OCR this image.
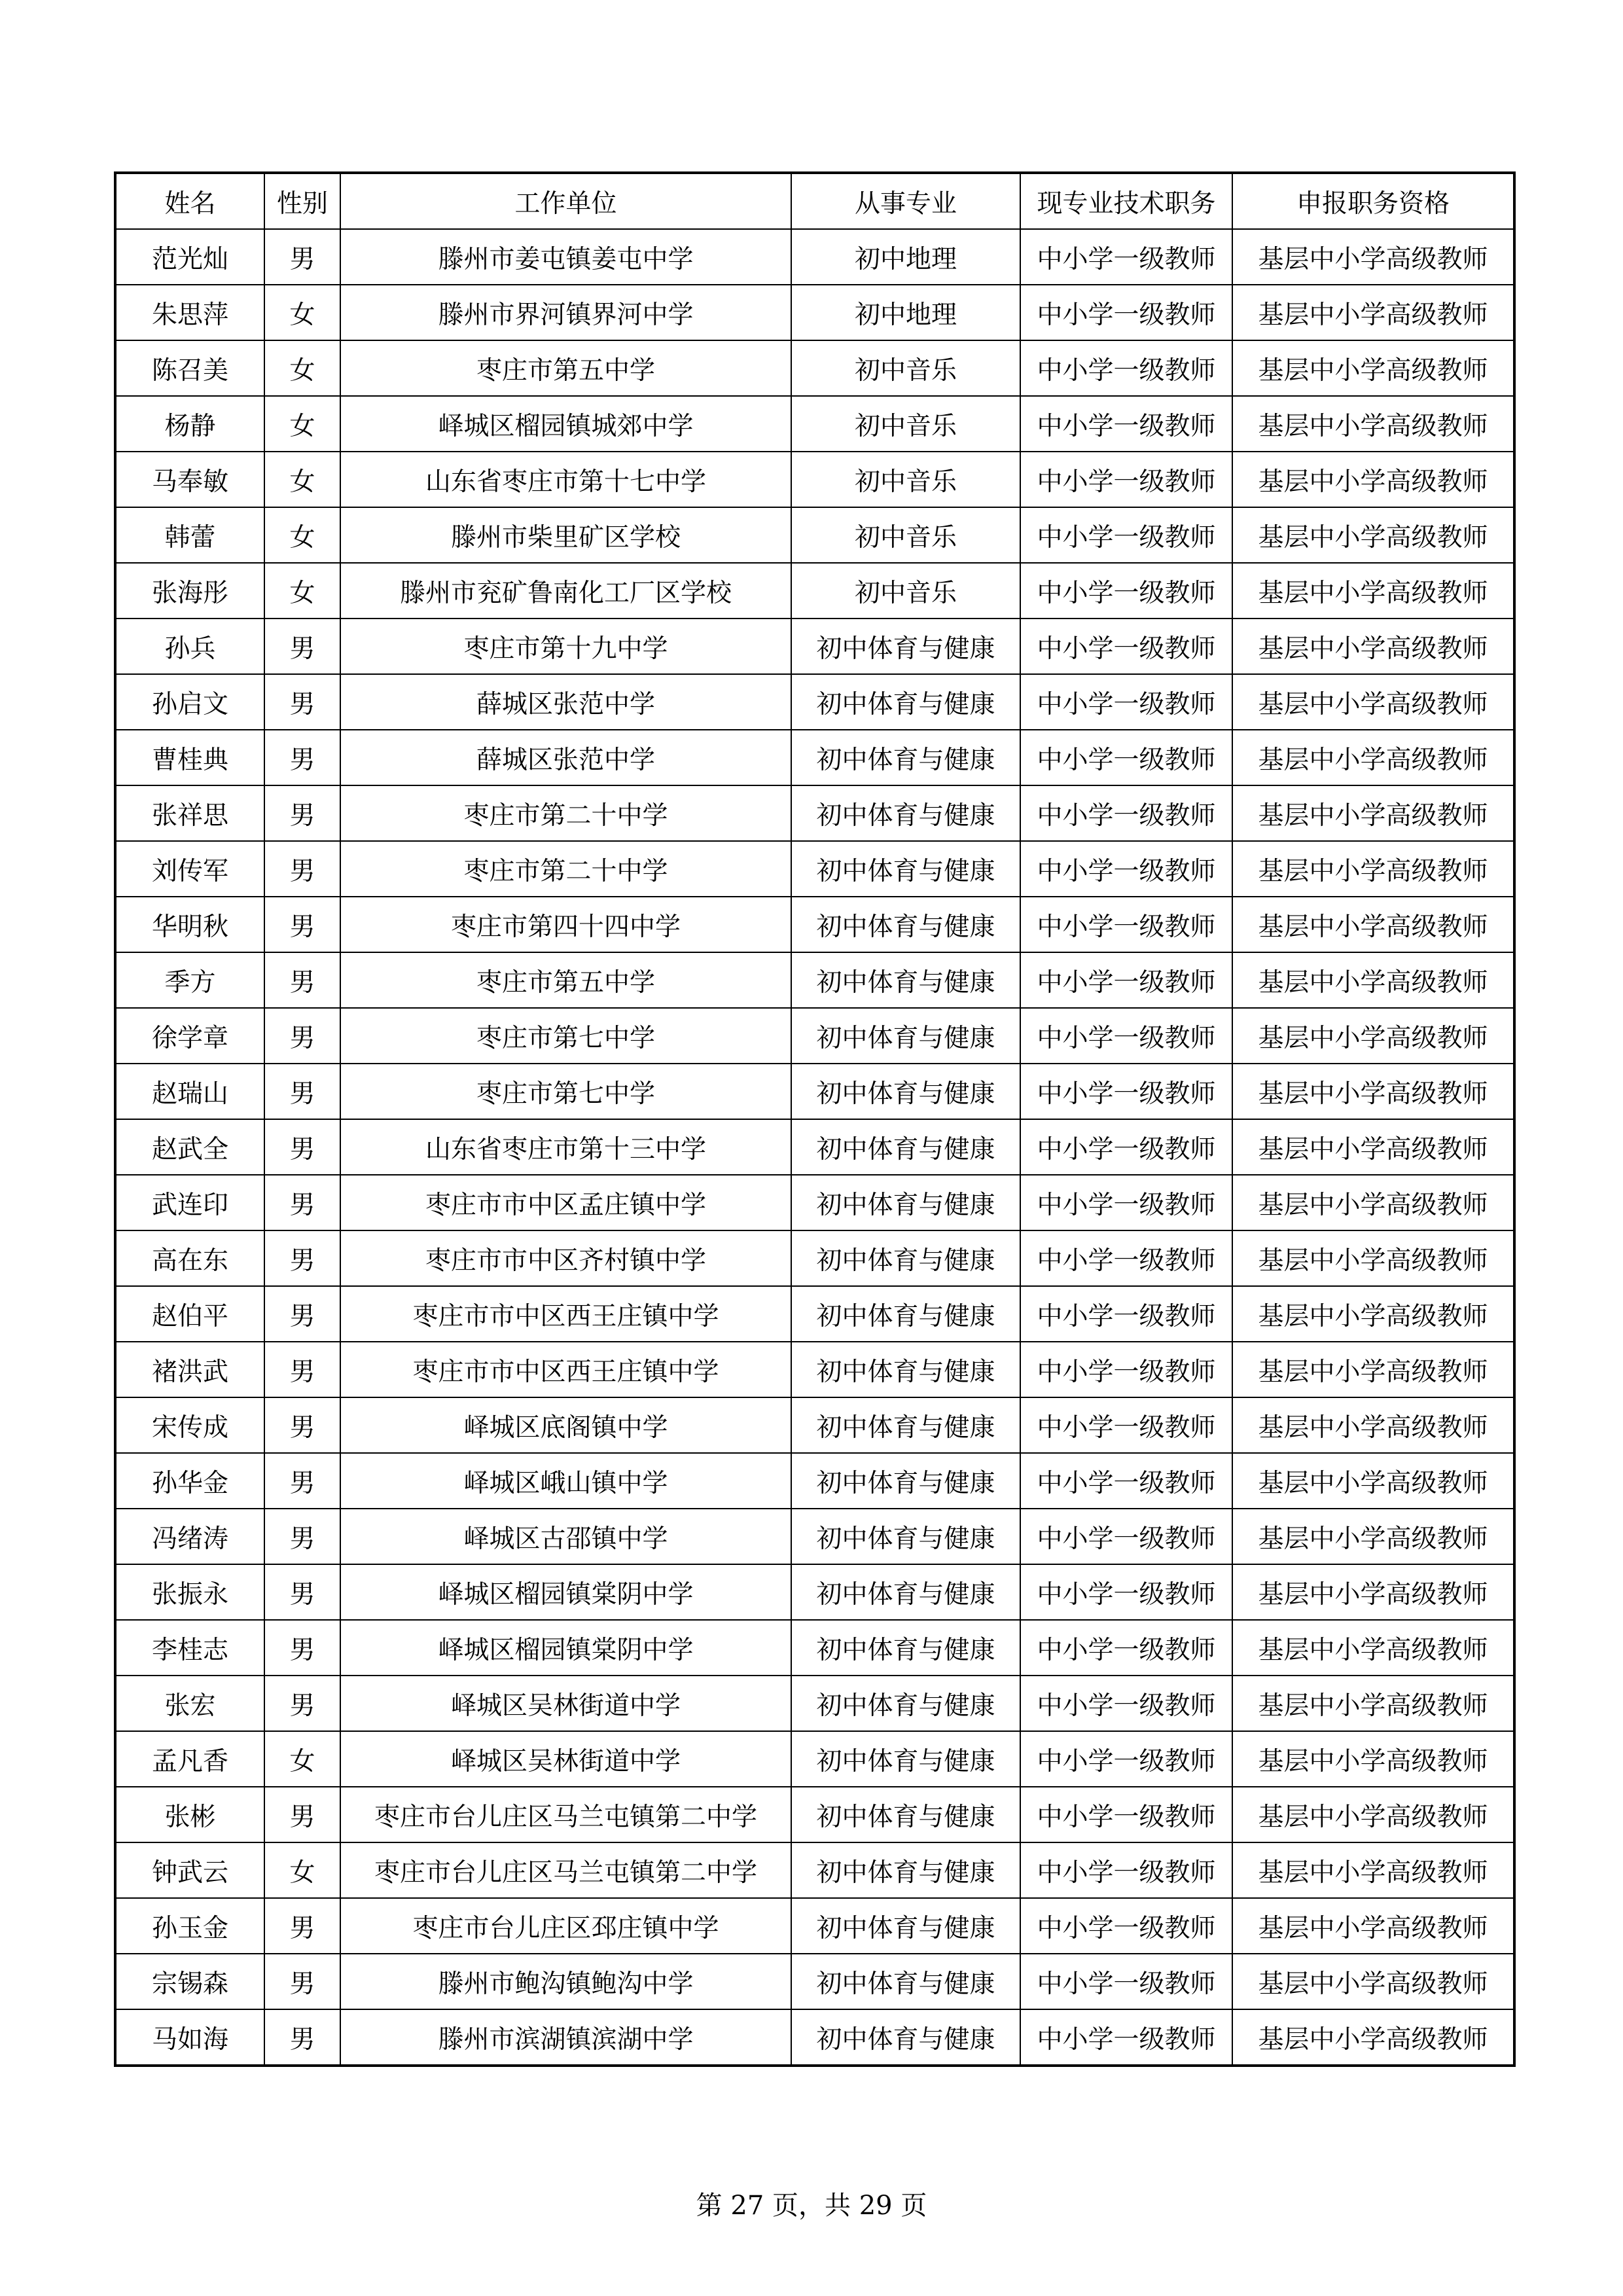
姓名	性别	工作单位	从事专业	现专业技术职务	申报职务资格
范光灿	男	滕州市姜屯镇姜屯中学	初中地理	中小学一级教师	基层中小学高级教师
朱思萍	女	滕州市界河镇界河中学	初中地理	中小学一级教师	基层中小学高级教师
陈召美	女	枣庄市第五中学	初中音乐	中小学一级教师	基层中小学高级教师
杨静	女	峄城区榴园镇城郊中学	初中音乐	中小学一级教师	基层中小学高级教师
马奉敏	女	山东省枣庄市第十七中学	初中音乐	中小学一级教师	基层中小学高级教师
韩蕾	女	滕州市柴里矿区学校	初中音乐	中小学一级教师	基层中小学高级教师
张海彤	女	滕州市兖矿鲁南化工厂区学校	初中音乐	中小学一级教师	基层中小学高级教师
孙兵	男	枣庄市第十九中学	初中体育与健康	中小学一级教师	基层中小学高级教师
孙启文	男	薛城区张范中学	初中体育与健康	中小学一级教师	基层中小学高级教师
曹桂典	男	薛城区张范中学	初中体育与健康	中小学一级教师	基层中小学高级教师
张祥思	男	枣庄市第二十中学	初中体育与健康	中小学一级教师	基层中小学高级教师
刘传军	男	枣庄市第二十中学	初中体育与健康	中小学一级教师	基层中小学高级教师
华明秋	男	枣庄市第四十四中学	初中体育与健康	中小学一级教师	基层中小学高级教师
季方	男	枣庄市第五中学	初中体育与健康	中小学一级教师	基层中小学高级教师
徐学章	男	枣庄市第七中学	初中体育与健康	中小学一级教师	基层中小学高级教师
赵瑞山	男	枣庄市第七中学	初中体育与健康	中小学一级教师	基层中小学高级教师
赵武全	男	山东省枣庄市第十三中学	初中体育与健康	中小学一级教师	基层中小学高级教师
武连印	男	枣庄市市中区孟庄镇中学	初中体育与健康	中小学一级教师	基层中小学高级教师
高在东	男	枣庄市市中区齐村镇中学	初中体育与健康	中小学一级教师	基层中小学高级教师
赵伯平	男	枣庄市市中区西王庄镇中学	初中体育与健康	中小学一级教师	基层中小学高级教师
褚洪武	男	枣庄市市中区西王庄镇中学	初中体育与健康	中小学一级教师	基层中小学高级教师
宋传成	男	峄城区底阁镇中学	初中体育与健康	中小学一级教师	基层中小学高级教师
孙华金	男	峄城区峨山镇中学	初中体育与健康	中小学一级教师	基层中小学高级教师
冯绪涛	男	峄城区古邵镇中学	初中体育与健康	中小学一级教师	基层中小学高级教师
张振永	男	峄城区榴园镇棠阴中学	初中体育与健康	中小学一级教师	基层中小学高级教师
李桂志	男	峄城区榴园镇棠阴中学	初中体育与健康	中小学一级教师	基层中小学高级教师
张宏	男	峄城区吴林街道中学	初中体育与健康	中小学一级教师	基层中小学高级教师
孟凡香	女	峄城区吴林街道中学	初中体育与健康	中小学一级教师	基层中小学高级教师
张彬	男	枣庄市台儿庄区马兰屯镇第二中学	初中体育与健康	中小学一级教师	基层中小学高级教师
钟武云	女	枣庄市台儿庄区马兰屯镇第二中学	初中体育与健康	中小学一级教师	基层中小学高级教师
孙玉金	男	枣庄市台儿庄区邳庄镇中学	初中体育与健康	中小学一级教师	基层中小学高级教师
宗锡森	男	滕州市鲍沟镇鲍沟中学	初中体育与健康	中小学一级教师	基层中小学高级教师
马如海	男	滕州市滨湖镇滨湖中学	初中体育与健康	中小学一级教师	基层中小学高级教师
第 27 页，共 29 页
